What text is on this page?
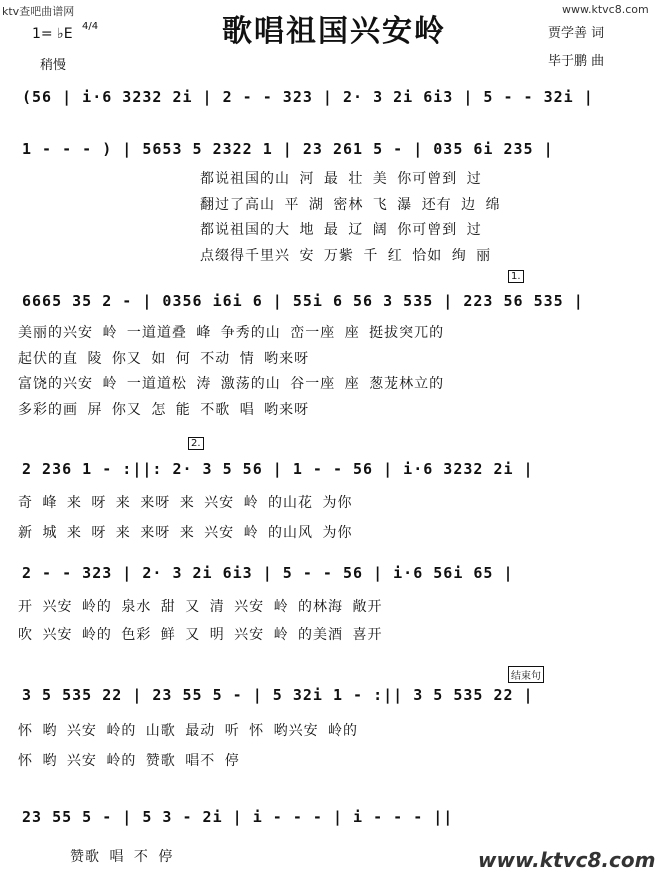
ktv查吧曲谱网	www.ktvc8.com
歌唱祖国兴安岭
1= ♭E 4/4
稍慢
贾学善 词
毕于鹏 曲
(56 | i·6 3232 2i | 2 - - 323 | 2· 3 2i 6i3 | 5 - - 32i |
1 - - - ) | 5653 5 2322 1 | 23 261 5 - | 035 6i 235 |
都说祖国的山 河 最 壮 美 你可曾到 过
翻过了高山 平 湖 密林 飞 瀑 还有 边 绵
都说祖国的大 地 最 辽 阔 你可曾到 过
点缀得千里兴 安 万紫 千 红 恰如 绚 丽
1.
6665 35 2 - | 0356 i6i 6 | 55i 6 56 3 535 | 223 56 535 |
美丽的兴安 岭 一道道叠 峰 争秀的山 峦一座 座 挺拔突兀的
起伏的直 陵 你又 如 何 不动 情 哟来呀
富饶的兴安 岭 一道道松 涛 激荡的山 谷一座 座 葱茏林立的
多彩的画 屏 你又 怎 能 不歌 唱 哟来呀
2.
2 236 1 - :||: 2· 3 5 56 | 1 - - 56 | i·6 3232 2i |
奇 峰 来 呀 来 来呀 来 兴安 岭 的山花 为你
新 城 来 呀 来 来呀 来 兴安 岭 的山风 为你
2 - - 323 | 2· 3 2i 6i3 | 5 - - 56 | i·6 56i 65 |
开 兴安 岭的 泉水 甜 又 清 兴安 岭 的林海 敞开
吹 兴安 岭的 色彩 鲜 又 明 兴安 岭 的美酒 喜开
结束句
3 5 535 22 | 23 55 5 - | 5 32i 1 - :|| 3 5 535 22 |
怀 哟 兴安 岭的 山歌 最动 听 怀 哟兴安 岭的
怀 哟 兴安 岭的 赞歌 唱不 停
23 55 5 - | 5 3 - 2i | i - - - | i - - - ||
赞歌 唱 不 停	www.ktvc8.com
